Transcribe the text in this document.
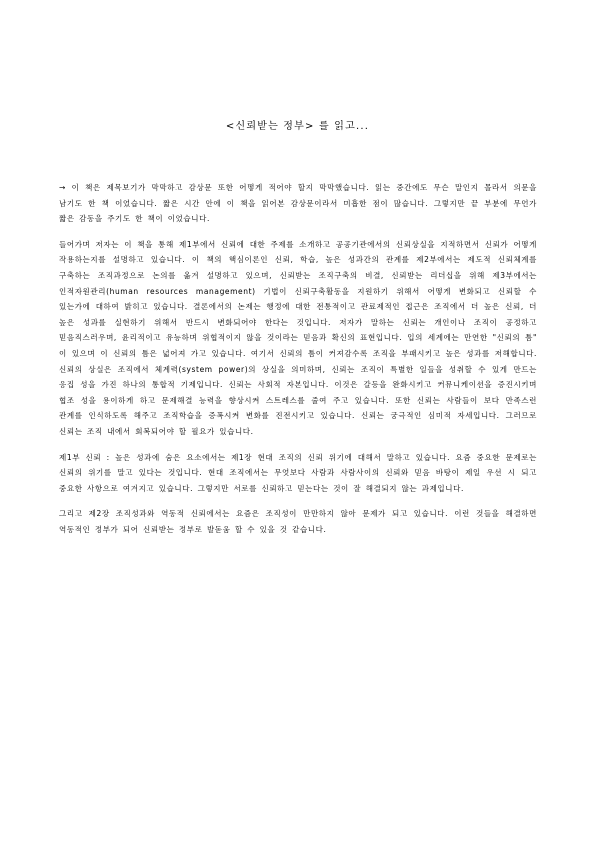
<신뢰받는 정부> 를 읽고...

→ 이 책은 제목보기가 막막하고 감상문 또한 어떻게 적어야 할지 막막했습니다. 읽는 중간에도 무슨 말인지 몰라서 의문을 남기도 한 책 이었습니다. 짧은 시간 안에 이 책을 읽어본 감상문이라서 미흡한 점이 많습니다. 그렇지만 끝 부분에 무언가 짧은 감동을 주기도 한 책이 이었습니다.

들어가며 저자는 이 책을 통해 제1부에서 신뢰에 대한 주제를 소개하고 공공기관에서의 신뢰상실을 지적하면서 신뢰가 어떻게 작용하는지를 설명하고 있습니다. 이 책의 핵심이론인 신뢰, 학습, 높은 성과간의 관계를 제2부에서는 제도적 신뢰체계를 구축하는 조직과정으로 논의를 옮겨 설명하고 있으며, 신뢰받는 조직구축의 비결, 신뢰받는 리더십을 위해 제3부에서는 인적자원관리(human resources management) 기법이 신뢰구축활동을 지원하기 위해서 어떻게 변화되고 신뢰할 수 있는가에 대하여 밝히고 있습니다. 결론에서의 논제는 행정에 대한 전통적이고 관료제적인 접근은 조직에서 더 높은 신뢰, 더 높은 성과를 실현하기 위해서 반드시 변화되어야 한다는 것입니다. 저자가 말하는 신뢰는 개인이나 조직이 공정하고 믿음직스러우며, 윤리적이고 유능하며 위협적이지 않을 것이라는 믿음과 확신의 표현입니다. 입의 세계에는 만연한 "신뢰의 틈" 이 있으며 이 신뢰의 틈은 넓어져 가고 있습니다. 여기서 신뢰의 틈이 커져감수록 조직을 부패시키고 높은 성과를 저해합니다. 신뢰의 상실은 조직에서 체계력(system power)의 상실을 의미하며, 신뢰는 조직이 특별한 일들을 성취할 수 있게 만드는 응집 성을 가진 하나의 통합적 기제입니다. 신뢰는 사회적 자본입니다. 이것은 갈등을 완화시키고 커뮤니케이션을 증진시키며 협조 성을 용이하게 하고 문제해결 능력을 향상시켜 스트레스를 줄여 주고 있습니다. 또한 신뢰는 사람들이 보다 만족스런 관계를 인식하도록 해주고 조직학습을 증폭시켜 변화를 진전시키고 있습니다. 신뢰는 궁극적인 심미적 자세입니다. 그러므로 신뢰는 조직 내에서 회복되어야 할 필요가 있습니다.

제1부 신뢰 : 높은 성과에 숨은 요소에서는 제1장 현대 조직의 신뢰 위기에 대해서 말하고 있습니다. 요즘 중요한 문제로는 신뢰의 위기를 말고 있다는 것입니다. 현대 조직에서는 무엇보다 사람과 사람사이의 신뢰와 믿음 바탕이 제일 우선 시 되고 중요한 사항으로 여겨지고 있습니다. 그렇지만 서로를 신뢰하고 믿는다는 것이 잘 해결되지 않는 과제입니다.

그리고 제2장 조직성과와 역동적 신뢰에서는 요즘은 조직성이 만만하지 않아 문제가 되고 있습니다. 이런 것들을 해결하면 역동적인 정부가 되어 신뢰받는 정부로 발돋움 할 수 있을 것 같습니다.
